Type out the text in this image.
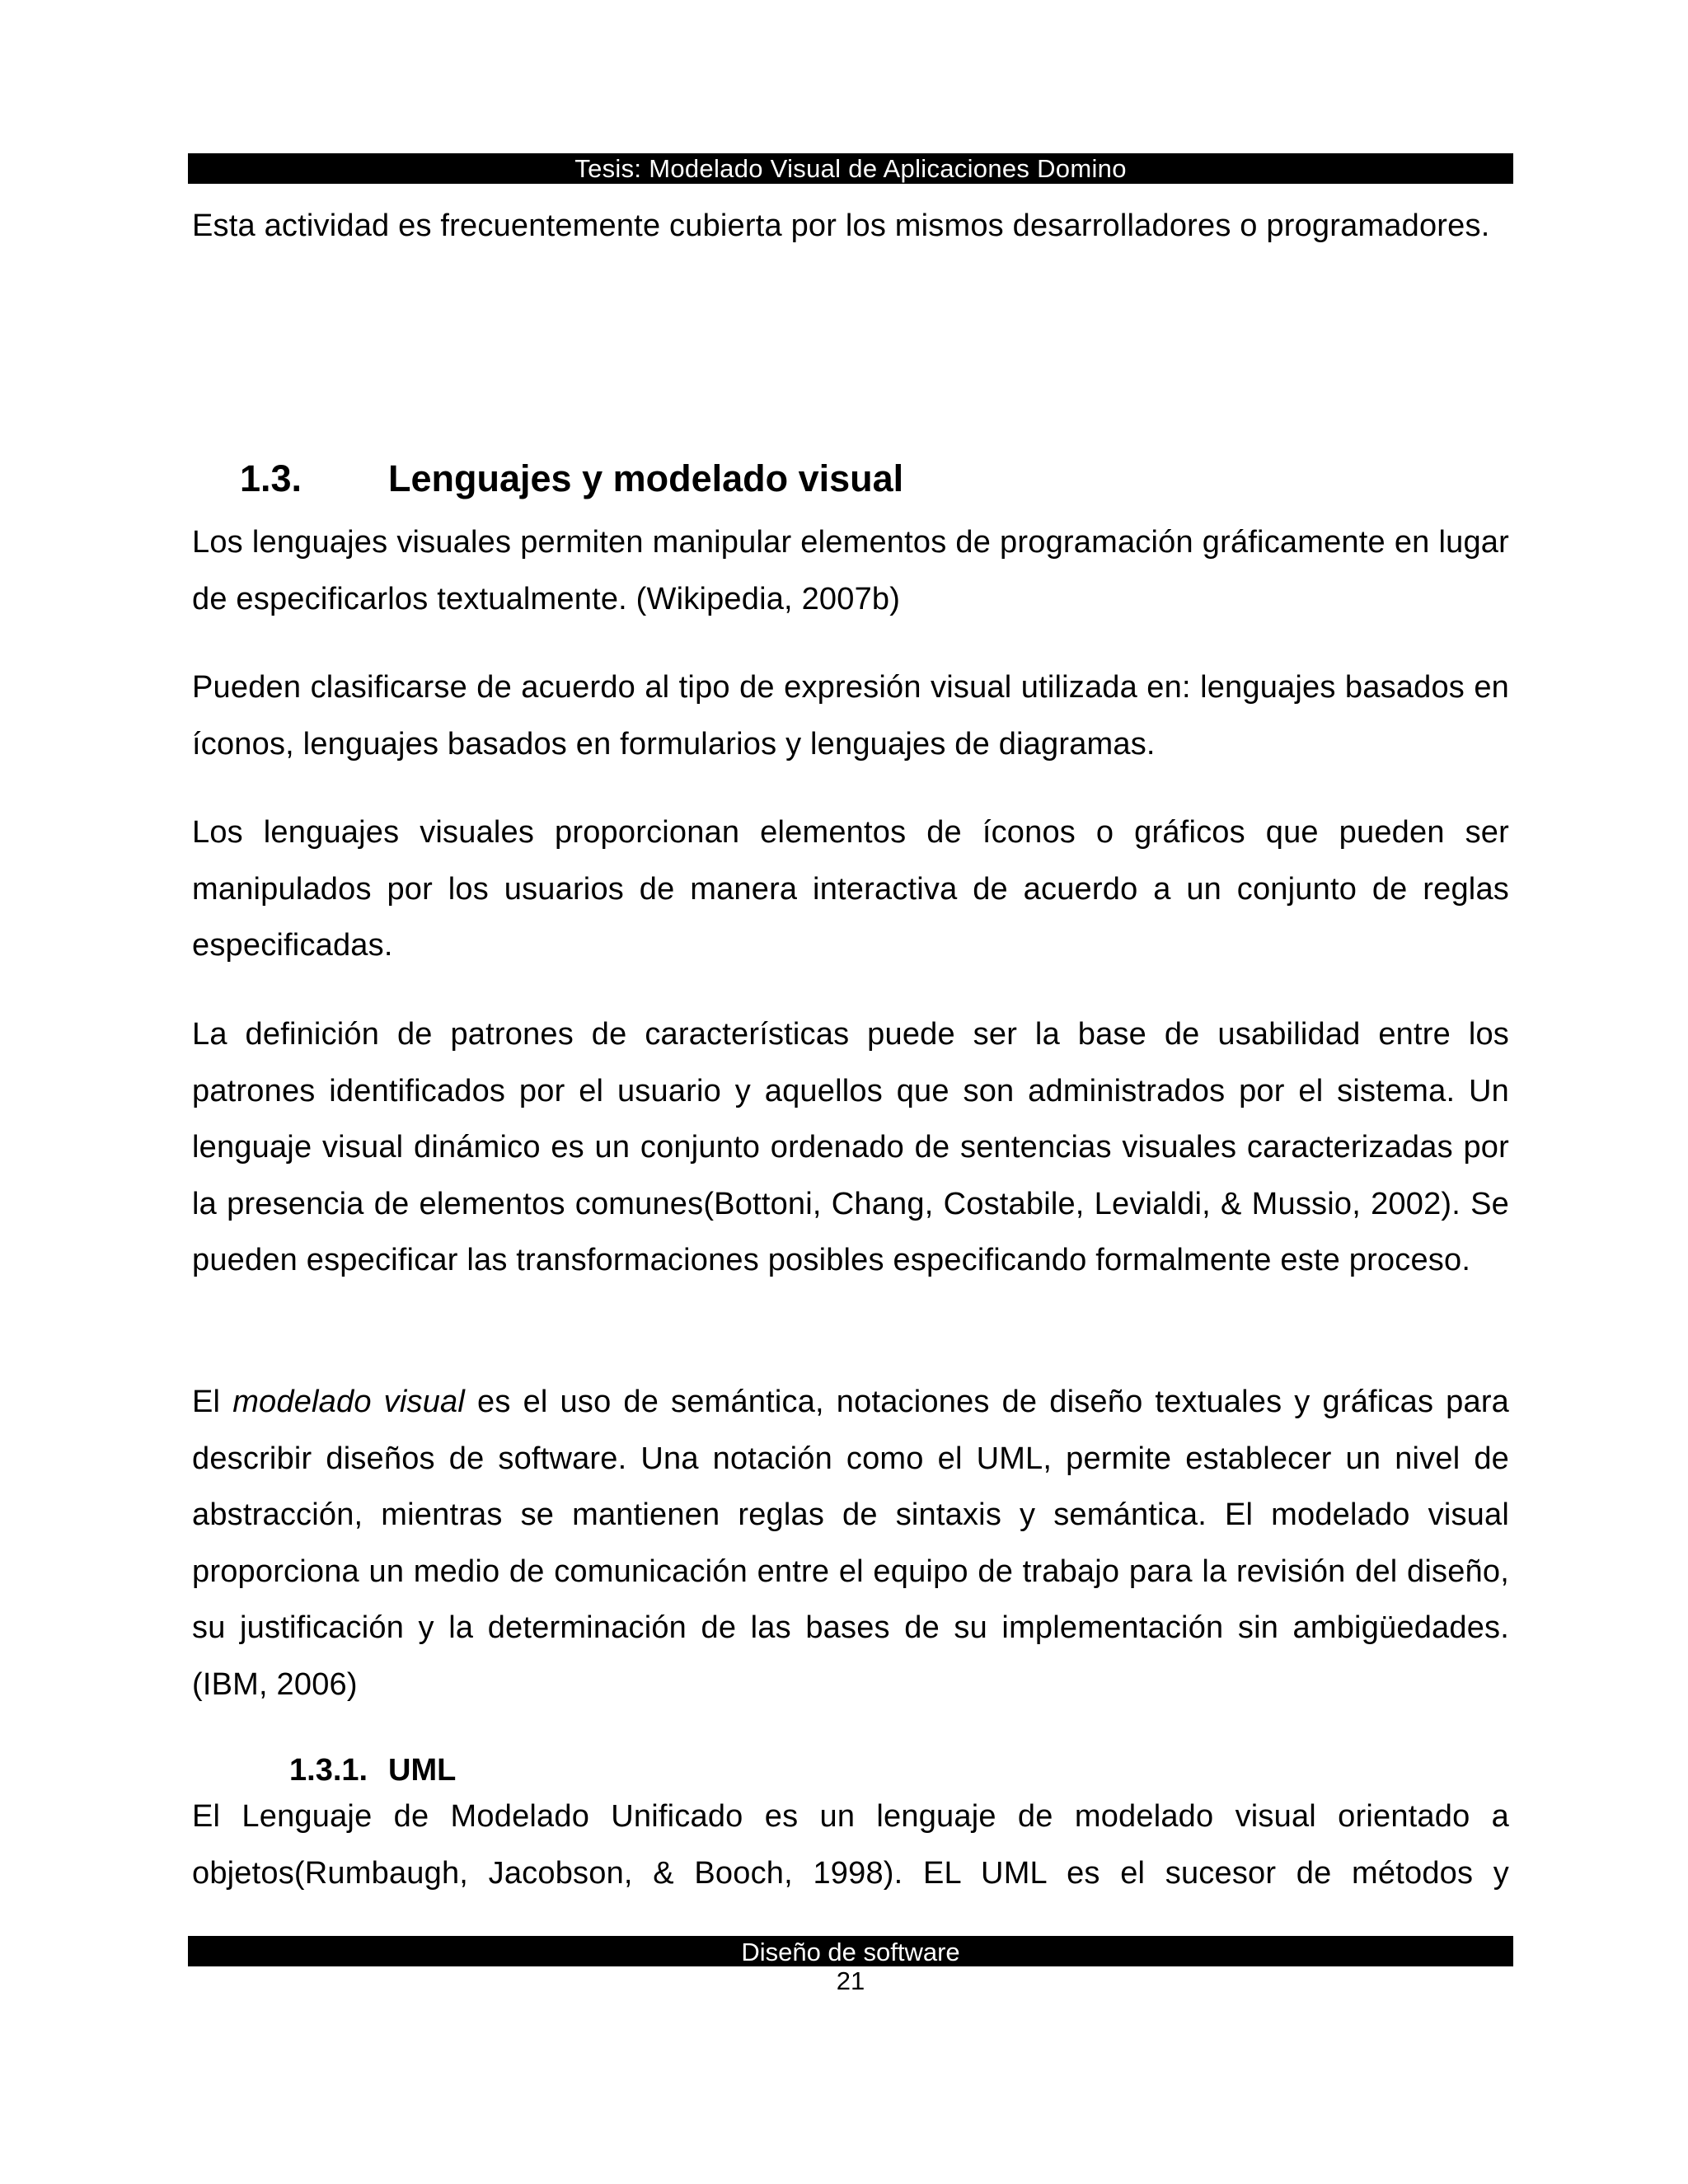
Tesis: Modelado Visual de Aplicaciones Domino

Esta actividad es frecuentemente cubierta por los mismos desarrolladores o programadores.

1.3. Lenguajes y modelado visual

Los lenguajes visuales permiten manipular elementos de programación gráficamente en lugar de especificarlos textualmente. (Wikipedia, 2007b)

Pueden clasificarse de acuerdo al tipo de expresión visual utilizada en: lenguajes basados en íconos, lenguajes basados en formularios y lenguajes de diagramas.

Los lenguajes visuales proporcionan elementos de íconos o gráficos que pueden ser manipulados por los usuarios de manera interactiva de acuerdo a un conjunto de reglas especificadas.

La definición de patrones de características puede ser la base de usabilidad entre los patrones identificados por el usuario y aquellos que son administrados por el sistema. Un lenguaje visual dinámico es un conjunto ordenado de sentencias visuales caracterizadas por la presencia de elementos comunes(Bottoni, Chang, Costabile, Levialdi, & Mussio, 2002). Se pueden especificar las transformaciones posibles especificando formalmente este proceso.

El modelado visual es el uso de semántica, notaciones de diseño textuales y gráficas para describir diseños de software. Una notación como el UML, permite establecer un nivel de abstracción, mientras se mantienen reglas de sintaxis y semántica. El modelado visual proporciona un medio de comunicación entre el equipo de trabajo para la revisión del diseño, su justificación y la determinación de las bases de su implementación sin ambigüedades.(IBM, 2006)

1.3.1. UML

El Lenguaje de Modelado Unificado es un lenguaje de modelado visual orientado a objetos(Rumbaugh, Jacobson, & Booch, 1998). EL UML es el sucesor de métodos y

Diseño de software
21
